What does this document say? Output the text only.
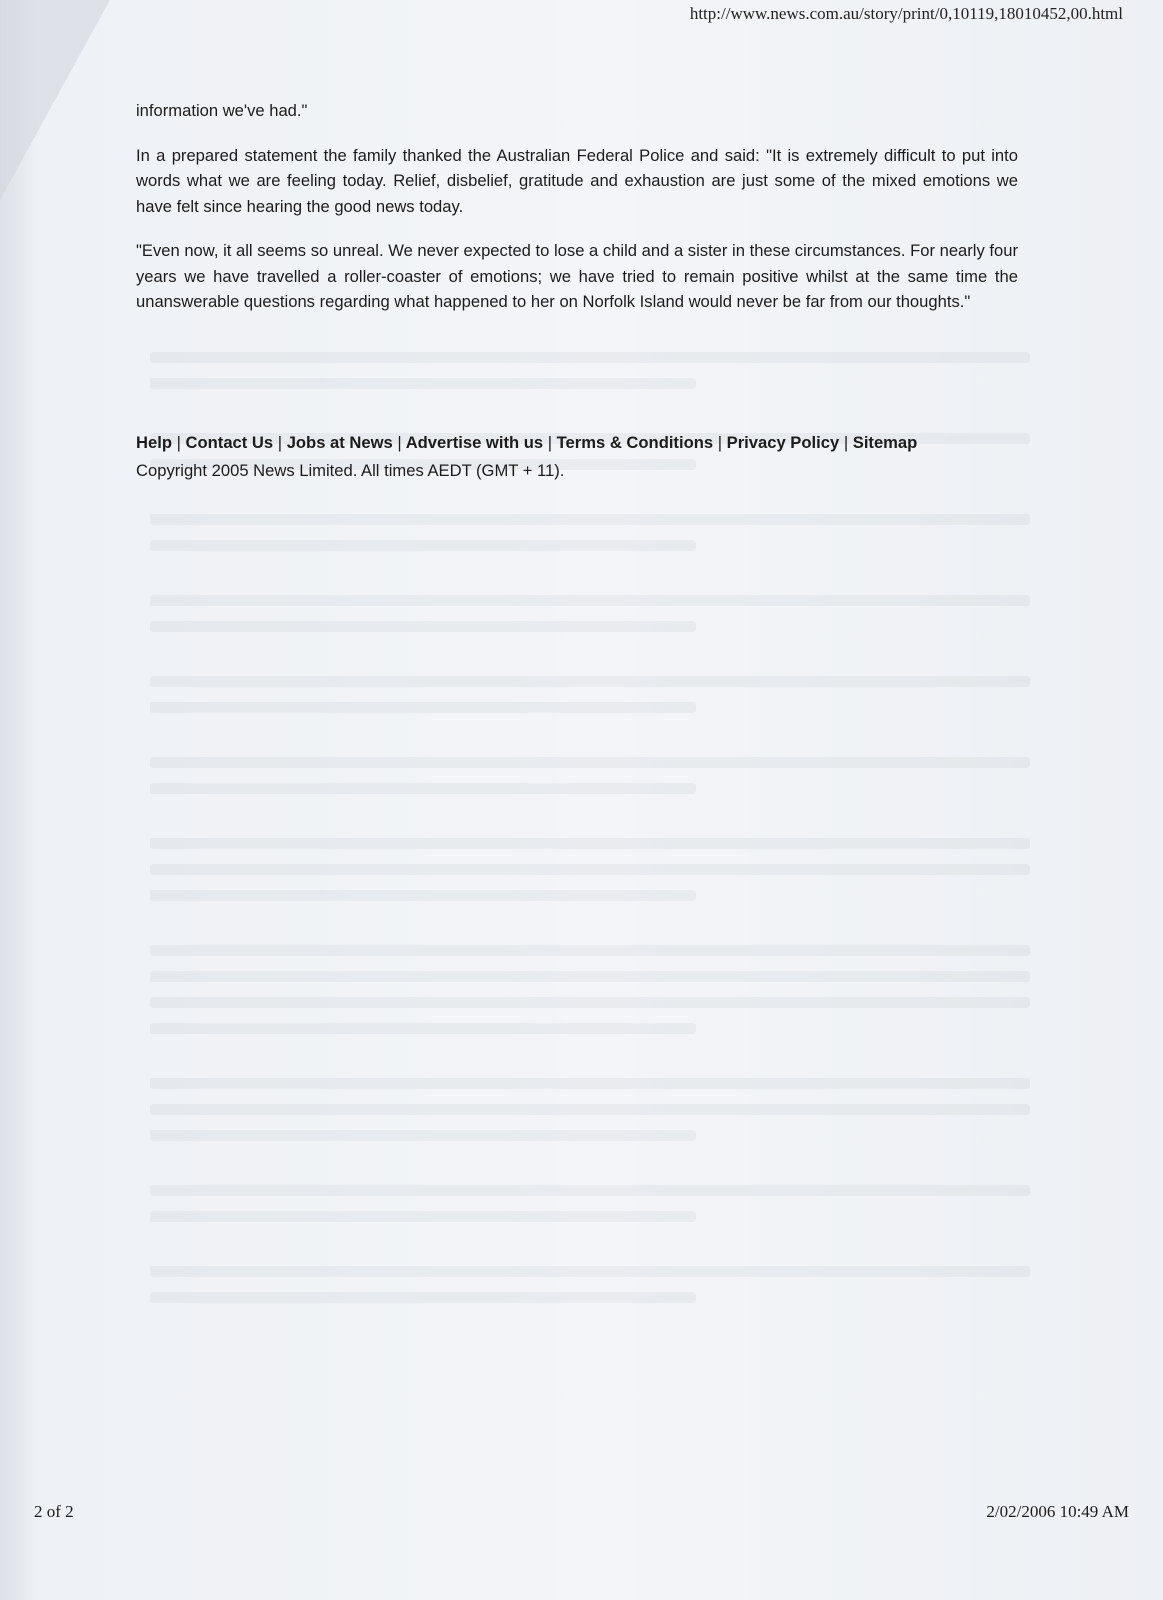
http://www.news.com.au/story/print/0,10119,18010452,00.html

information we've had."

In a prepared statement the family thanked the Australian Federal Police and said: "It is extremely difficult to put into words what we are feeling today. Relief, disbelief, gratitude and exhaustion are just some of the mixed emotions we have felt since hearing the good news today.

"Even now, it all seems so unreal. We never expected to lose a child and a sister in these circumstances. For nearly four years we have travelled a roller-coaster of emotions; we have tried to remain positive whilst at the same time the unanswerable questions regarding what happened to her on Norfolk Island would never be far from our thoughts."

Help | Contact Us | Jobs at News | Advertise with us | Terms & Conditions | Privacy Policy | Sitemap
Copyright 2005 News Limited. All times AEDT (GMT + 11).
2 of 2	2/02/2006 10:49 AM
